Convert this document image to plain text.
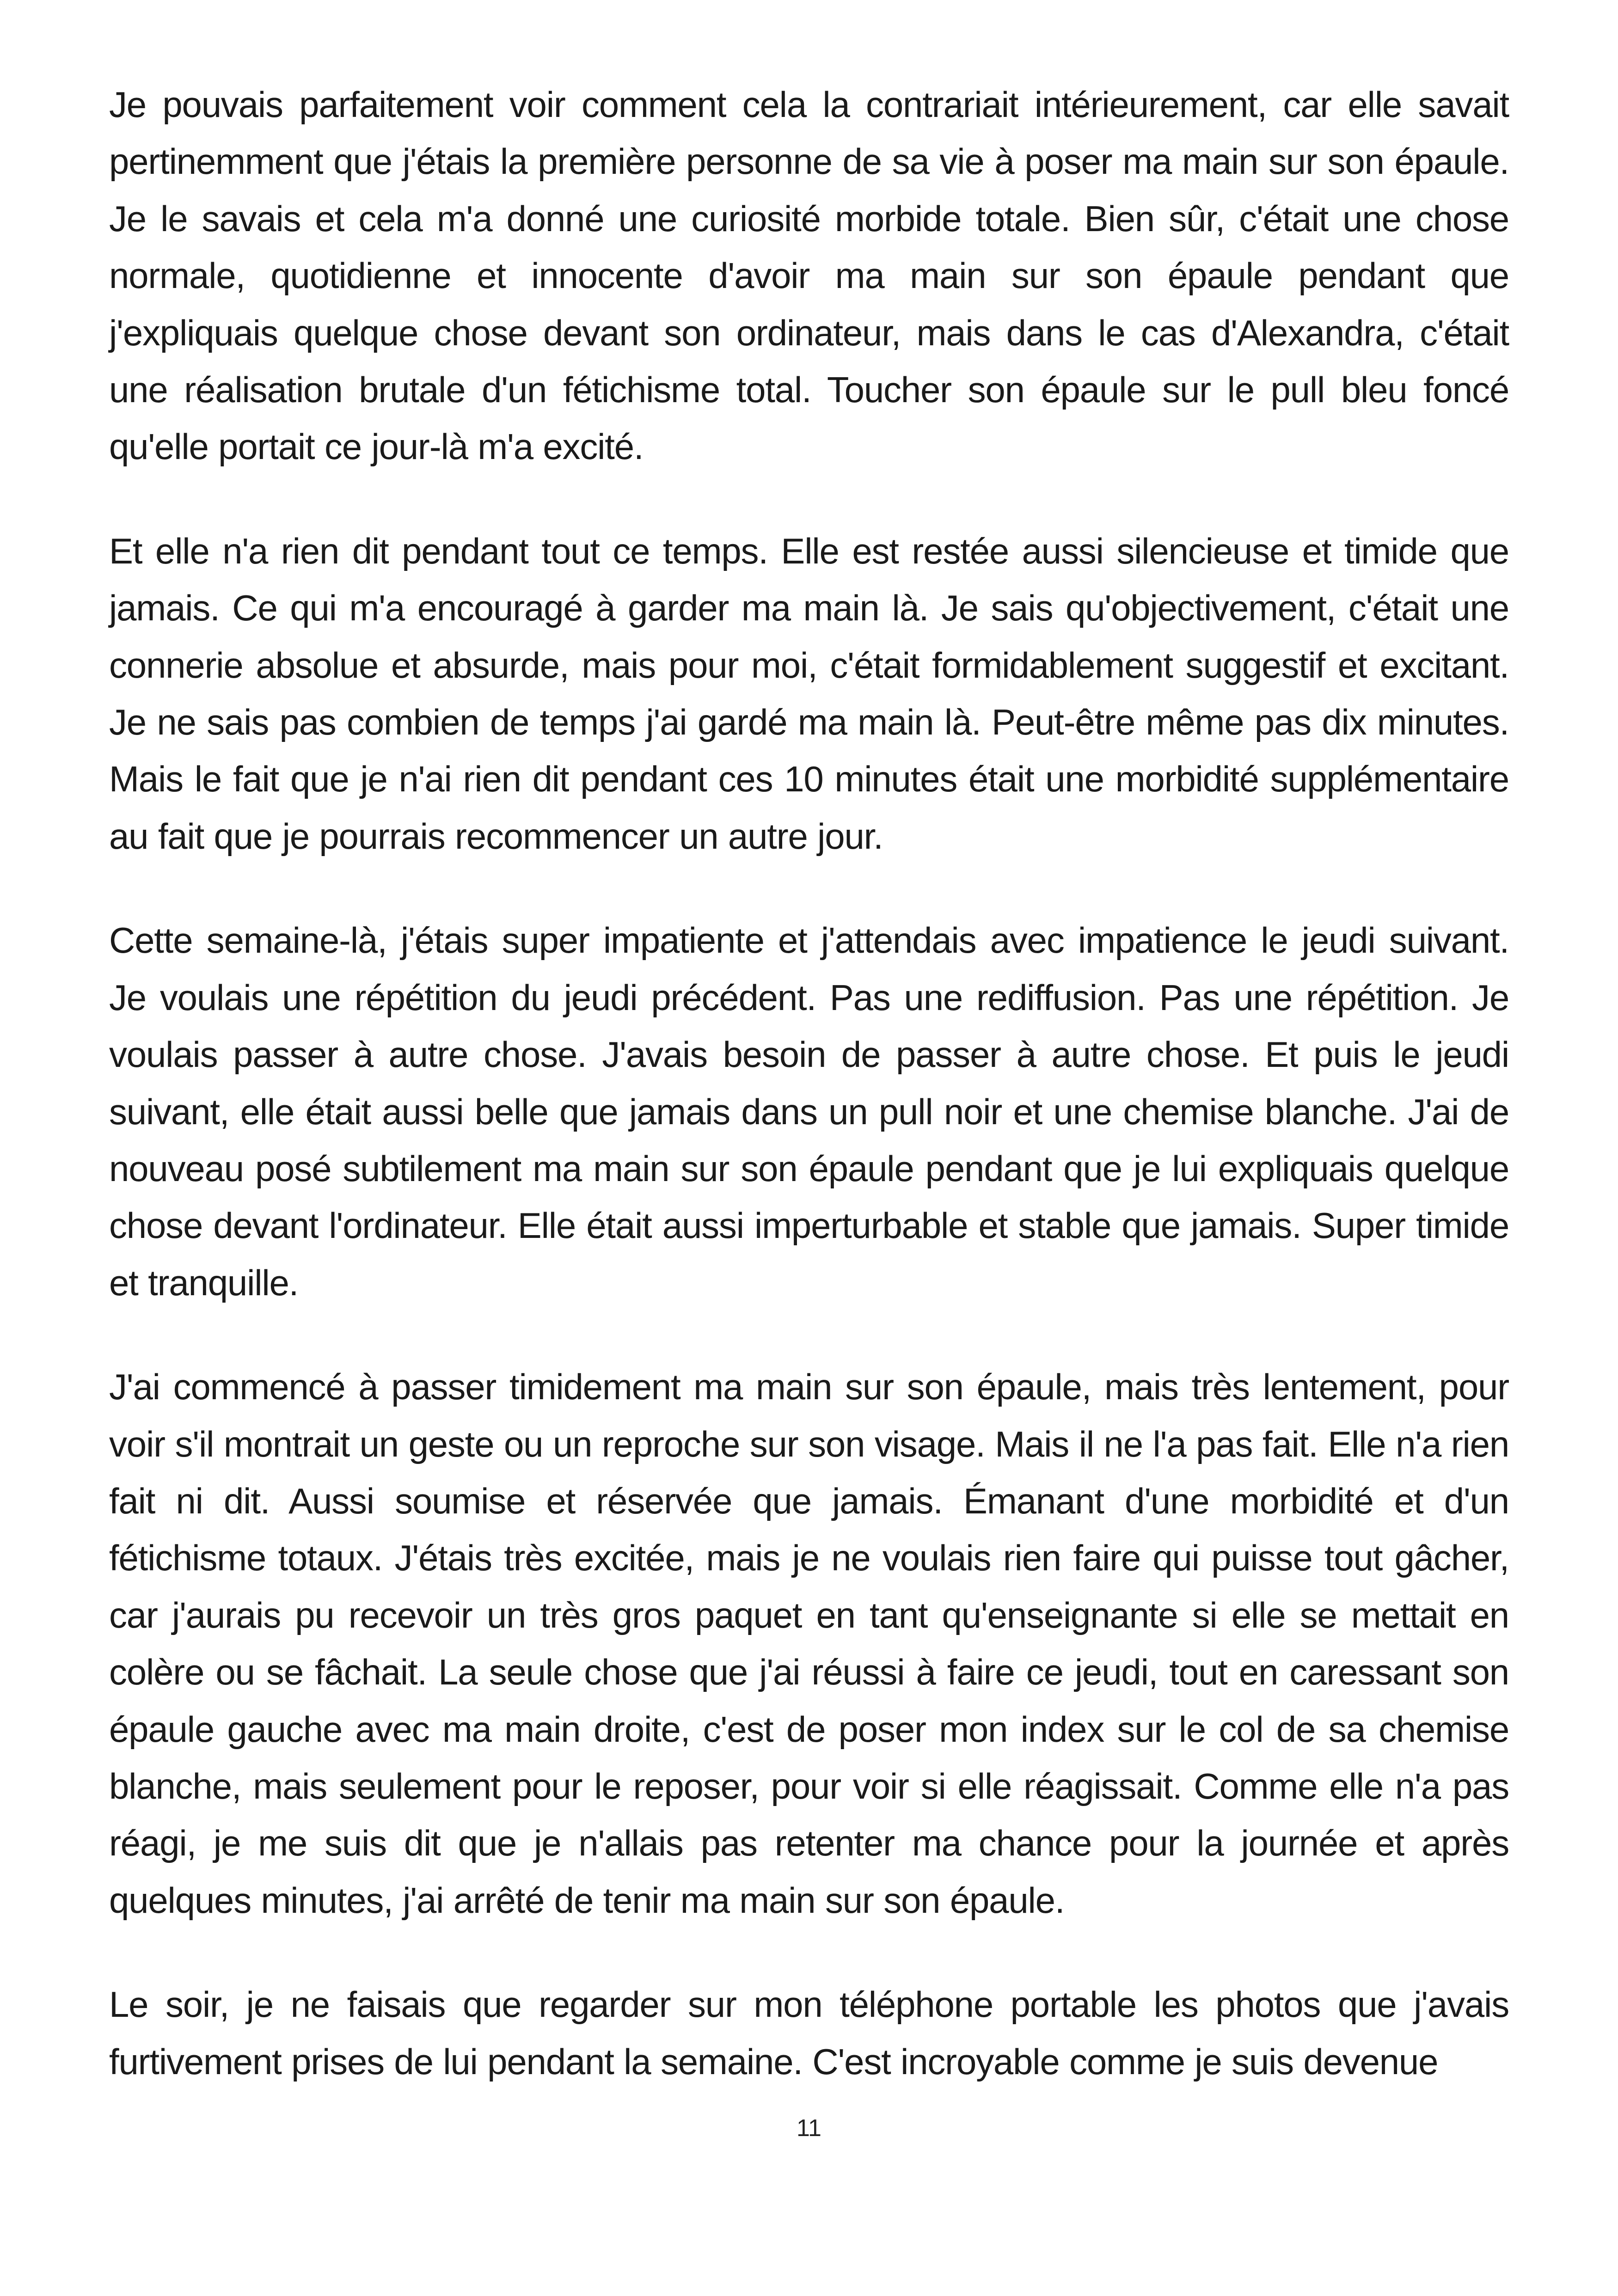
Je pouvais parfaitement voir comment cela la contrariait intérieurement, car elle savait pertinemment que j'étais la première personne de sa vie à poser ma main sur son épaule. Je le savais et cela m'a donné une curiosité morbide totale. Bien sûr, c'était une chose normale, quotidienne et innocente d'avoir ma main sur son épaule pendant que j'expliquais quelque chose devant son ordinateur, mais dans le cas d'Alexandra, c'était une réalisation brutale d'un fétichisme total. Toucher son épaule sur le pull bleu foncé qu'elle portait ce jour-là m'a excité.

Et elle n'a rien dit pendant tout ce temps. Elle est restée aussi silencieuse et timide que jamais. Ce qui m'a encouragé à garder ma main là. Je sais qu'objectivement, c'était une connerie absolue et absurde, mais pour moi, c'était formidablement suggestif et excitant. Je ne sais pas combien de temps j'ai gardé ma main là. Peut-être même pas dix minutes. Mais le fait que je n'ai rien dit pendant ces 10 minutes était une morbidité supplémentaire au fait que je pourrais recommencer un autre jour.

Cette semaine-là, j'étais super impatiente et j'attendais avec impatience le jeudi suivant. Je voulais une répétition du jeudi précédent. Pas une rediffusion. Pas une répétition. Je voulais passer à autre chose. J'avais besoin de passer à autre chose. Et puis le jeudi suivant, elle était aussi belle que jamais dans un pull noir et une chemise blanche. J'ai de nouveau posé subtilement ma main sur son épaule pendant que je lui expliquais quelque chose devant l'ordinateur. Elle était aussi imperturbable et stable que jamais. Super timide et tranquille.

J'ai commencé à passer timidement ma main sur son épaule, mais très lentement, pour voir s'il montrait un geste ou un reproche sur son visage. Mais il ne l'a pas fait. Elle n'a rien fait ni dit. Aussi soumise et réservée que jamais. Émanant d'une morbidité et d'un fétichisme totaux. J'étais très excitée, mais je ne voulais rien faire qui puisse tout gâcher, car j'aurais pu recevoir un très gros paquet en tant qu'enseignante si elle se mettait en colère ou se fâchait. La seule chose que j'ai réussi à faire ce jeudi, tout en caressant son épaule gauche avec ma main droite, c'est de poser mon index sur le col de sa chemise blanche, mais seulement pour le reposer, pour voir si elle réagissait. Comme elle n'a pas réagi, je me suis dit que je n'allais pas retenter ma chance pour la journée et après quelques minutes, j'ai arrêté de tenir ma main sur son épaule.

Le soir, je ne faisais que regarder sur mon téléphone portable les photos que j'avais furtivement prises de lui pendant la semaine. C'est incroyable comme je suis devenue

11
